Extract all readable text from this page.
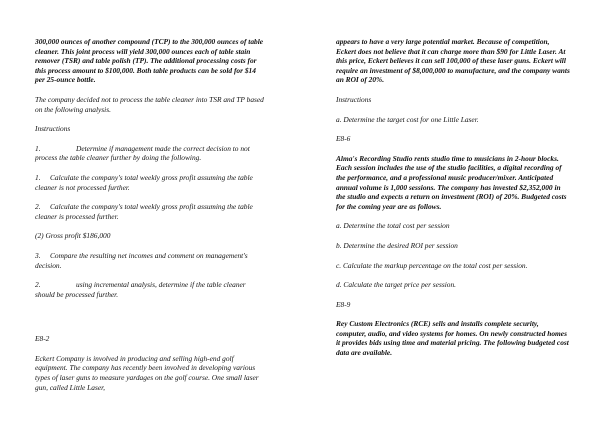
300,000 ounces of another compound (TCP) to the 300,000 ounces of table cleaner. This joint process will yield 300,000 ounces each of table stain remover (TSR) and table polish (TP). The additional processing costs for this process amount to $100,000. Both table products can be sold for $14 per 25-ounce bottle.

The company decided not to process the table cleaner into TSR and TP based on the following analysis.

Instructions

1.	Determine if management made the correct decision to not process the table cleaner further by doing the following.

1. Calculate the company's total weekly gross profit assuming the table cleaner is not processed further.

2. Calculate the company's total weekly gross profit assuming the table cleaner is processed further.

(2) Gross profit $186,000

3. Compare the resulting net incomes and comment on management's decision.

2.	using incremental analysis, determine if the table cleaner should be processed further.

E8-2

Eckert Company is involved in producing and selling high-end golf equipment. The company has recently been involved in developing various types of laser guns to measure yardages on the golf course. One small laser gun, called Little Laser,

appears to have a very large potential market. Because of competition, Eckert does not believe that it can charge more than $90 for Little Laser. At this price, Eckert believes it can sell 100,000 of these laser guns. Eckert will require an investment of $8,000,000 to manufacture, and the company wants an ROI of 20%.

Instructions

a. Determine the target cost for one Little Laser.

E8-6

Alma's Recording Studio rents studio time to musicians in 2-hour blocks. Each session includes the use of the studio facilities, a digital recording of the performance, and a professional music producer/mixer. Anticipated annual volume is 1,000 sessions. The company has invested $2,352,000 in the studio and expects a return on investment (ROI) of 20%. Budgeted costs for the coming year are as follows.

a. Determine the total cost per session

b. Determine the desired ROI per session

c. Calculate the markup percentage on the total cost per session.

d. Calculate the target price per session.

E8-9

Rey Custom Electronics (RCE) sells and installs complete security, computer, audio, and video systems for homes. On newly constructed homes it provides bids using time and material pricing. The following budgeted cost data are available.
